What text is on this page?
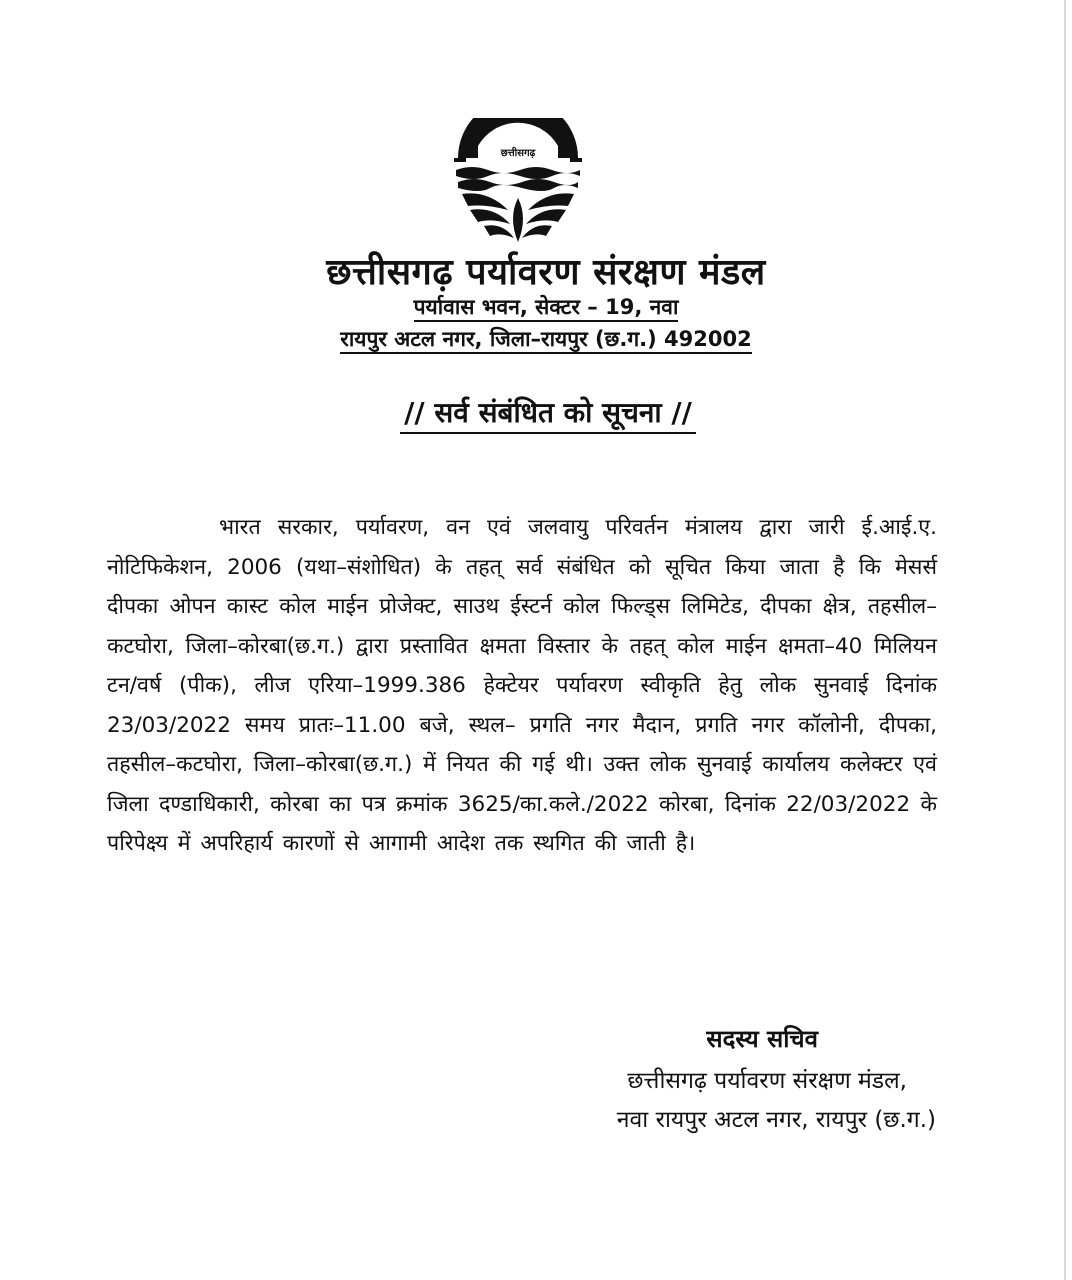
छत्तीसगढ़
छत्तीसगढ़ पर्यावरण संरक्षण मंडल
पर्यावास भवन, सेक्टर – 19, नवा
रायपुर अटल नगर, जिला–रायपुर (छ.ग.) 492002
// सर्व संबंधित को सूचना //

भारत सरकार, पर्यावरण, वन एवं जलवायु परिवर्तन मंत्रालय द्वारा जारी ई.आई.ए. नोटिफिकेशन, 2006 (यथा–संशोधित) के तहत् सर्व संबंधित को सूचित किया जाता है कि मेसर्स दीपका ओपन कास्ट कोल माईन प्रोजेक्ट, साउथ ईस्टर्न कोल फिल्ड्स लिमिटेड, दीपका क्षेत्र, तहसील–कटघोरा, जिला–कोरबा(छ.ग.) द्वारा प्रस्तावित क्षमता विस्तार के तहत् कोल माईन क्षमता–40 मिलियन टन/वर्ष (पीक), लीज एरिया–1999.386 हेक्टेयर पर्यावरण स्वीकृति हेतु लोक सुनवाई दिनांक 23/03/2022 समय प्रातः–11.00 बजे, स्थल– प्रगति नगर मैदान, प्रगति नगर कॉलोनी, दीपका, तहसील–कटघोरा, जिला–कोरबा(छ.ग.) में नियत की गई थी। उक्त लोक सुनवाई कार्यालय कलेक्टर एवं जिला दण्डाधिकारी, कोरबा का पत्र क्रमांक 3625/का.कले./2022 कोरबा, दिनांक 22/03/2022 के परिपेक्ष्य में अपरिहार्य कारणों से आगामी आदेश तक स्थगित की जाती है।

सदस्य सचिव
छत्तीसगढ़ पर्यावरण संरक्षण मंडल,
नवा रायपुर अटल नगर, रायपुर (छ.ग.)
